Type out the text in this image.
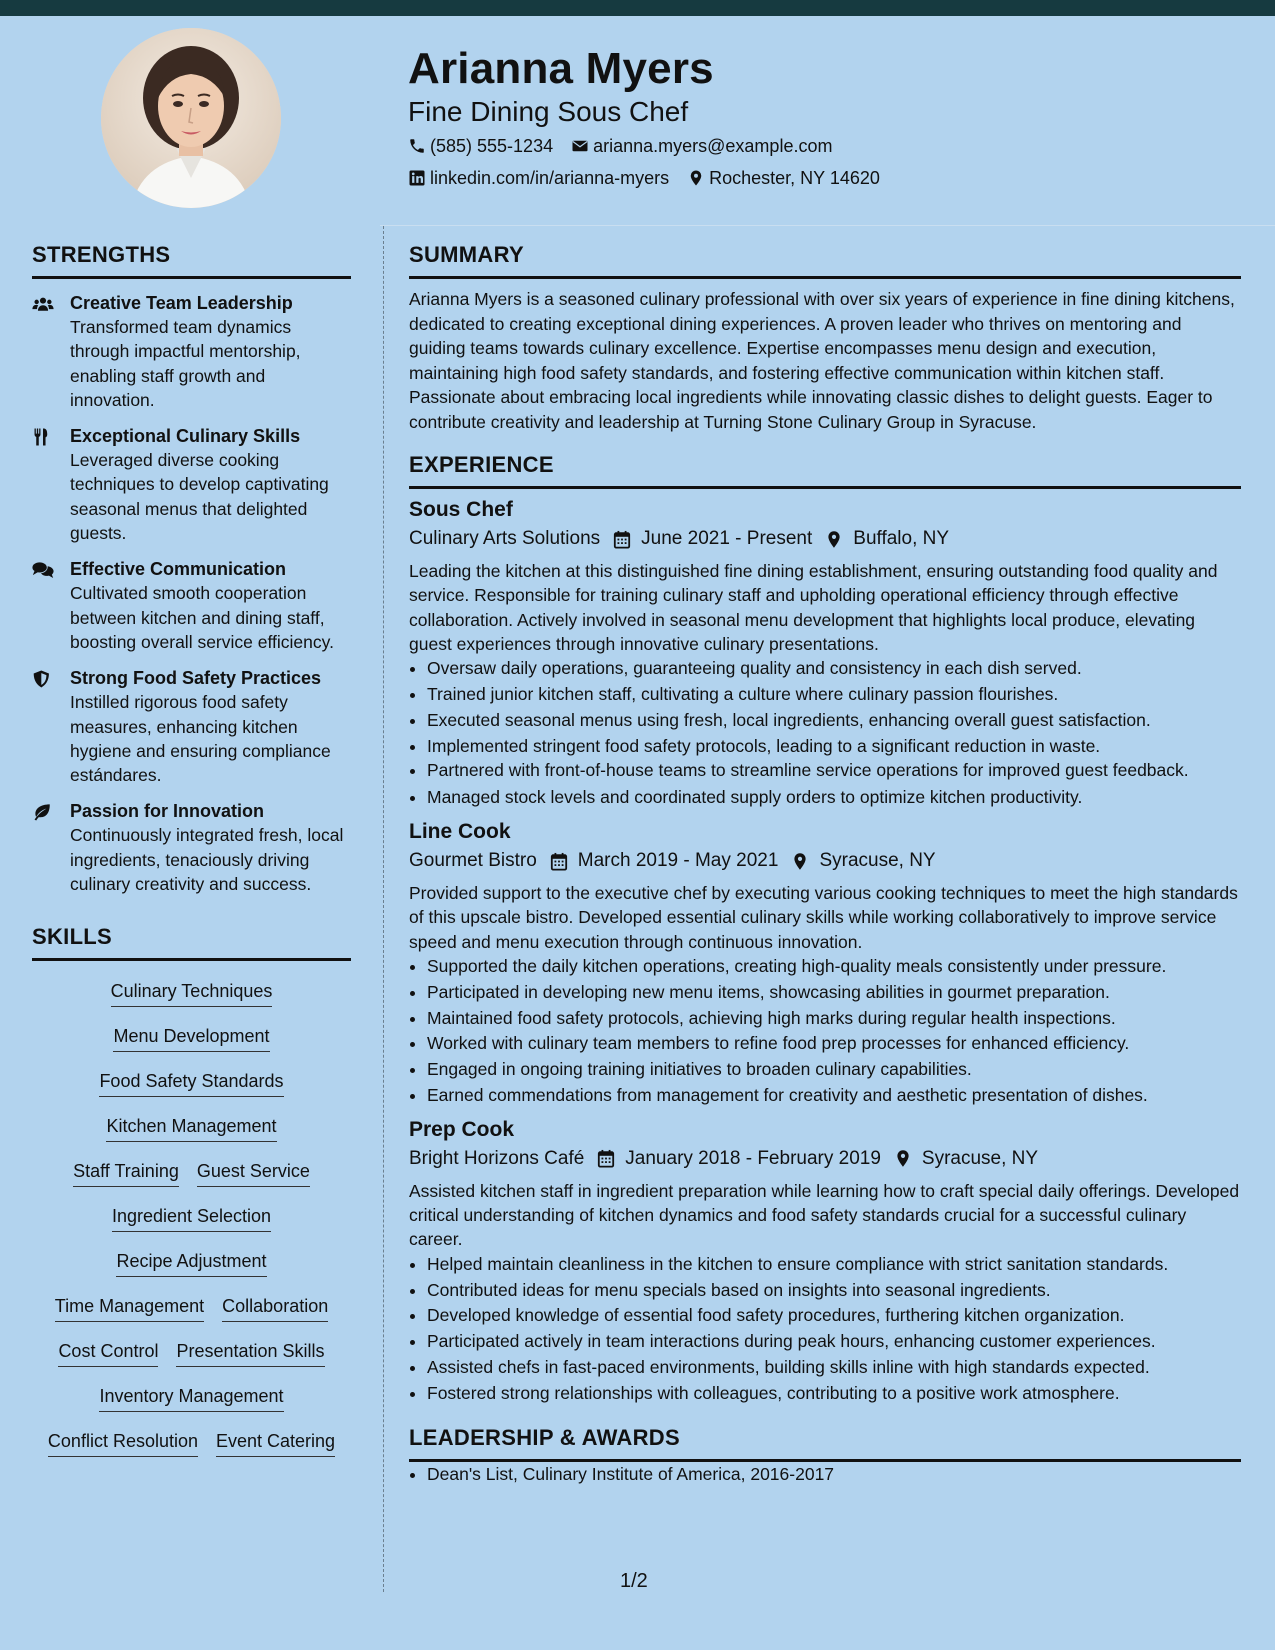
Arianna Myers
Fine Dining Sous Chef
(585) 555-1234 arianna.myers@example.com
linkedin.com/in/arianna-myers Rochester, NY 14620
STRENGTHS
Creative Team Leadership
Transformed team dynamics through impactful mentorship, enabling staff growth and innovation.
Exceptional Culinary Skills
Leveraged diverse cooking techniques to develop captivating seasonal menus that delighted guests.
Effective Communication
Cultivated smooth cooperation between kitchen and dining staff, boosting overall service efficiency.
Strong Food Safety Practices
Instilled rigorous food safety measures, enhancing kitchen hygiene and ensuring compliance estándares.
Passion for Innovation
Continuously integrated fresh, local ingredients, tenaciously driving culinary creativity and success.
SKILLS
Culinary Techniques
Menu Development
Food Safety Standards
Kitchen Management
Staff Training Guest Service
Ingredient Selection
Recipe Adjustment
Time Management Collaboration
Cost Control Presentation Skills
Inventory Management
Conflict Resolution Event Catering
SUMMARY
Arianna Myers is a seasoned culinary professional with over six years of experience in fine dining kitchens, dedicated to creating exceptional dining experiences. A proven leader who thrives on mentoring and guiding teams towards culinary excellence. Expertise encompasses menu design and execution, maintaining high food safety standards, and fostering effective communication within kitchen staff. Passionate about embracing local ingredients while innovating classic dishes to delight guests. Eager to contribute creativity and leadership at Turning Stone Culinary Group in Syracuse.
EXPERIENCE
Sous Chef
Culinary Arts Solutions June 2021 - Present Buffalo, NY
Leading the kitchen at this distinguished fine dining establishment, ensuring outstanding food quality and service. Responsible for training culinary staff and upholding operational efficiency through effective collaboration. Actively involved in seasonal menu development that highlights local produce, elevating guest experiences through innovative culinary presentations.
• Oversaw daily operations, guaranteeing quality and consistency in each dish served.
• Trained junior kitchen staff, cultivating a culture where culinary passion flourishes.
• Executed seasonal menus using fresh, local ingredients, enhancing overall guest satisfaction.
• Implemented stringent food safety protocols, leading to a significant reduction in waste.
• Partnered with front-of-house teams to streamline service operations for improved guest feedback.
• Managed stock levels and coordinated supply orders to optimize kitchen productivity.
Line Cook
Gourmet Bistro March 2019 - May 2021 Syracuse, NY
Provided support to the executive chef by executing various cooking techniques to meet the high standards of this upscale bistro. Developed essential culinary skills while working collaboratively to improve service speed and menu execution through continuous innovation.
• Supported the daily kitchen operations, creating high-quality meals consistently under pressure.
• Participated in developing new menu items, showcasing abilities in gourmet preparation.
• Maintained food safety protocols, achieving high marks during regular health inspections.
• Worked with culinary team members to refine food prep processes for enhanced efficiency.
• Engaged in ongoing training initiatives to broaden culinary capabilities.
• Earned commendations from management for creativity and aesthetic presentation of dishes.
Prep Cook
Bright Horizons Café January 2018 - February 2019 Syracuse, NY
Assisted kitchen staff in ingredient preparation while learning how to craft special daily offerings. Developed critical understanding of kitchen dynamics and food safety standards crucial for a successful culinary career.
• Helped maintain cleanliness in the kitchen to ensure compliance with strict sanitation standards.
• Contributed ideas for menu specials based on insights into seasonal ingredients.
• Developed knowledge of essential food safety procedures, furthering kitchen organization.
• Participated actively in team interactions during peak hours, enhancing customer experiences.
• Assisted chefs in fast-paced environments, building skills inline with high standards expected.
• Fostered strong relationships with colleagues, contributing to a positive work atmosphere.
LEADERSHIP & AWARDS
• Dean's List, Culinary Institute of America, 2016-2017
1/2
